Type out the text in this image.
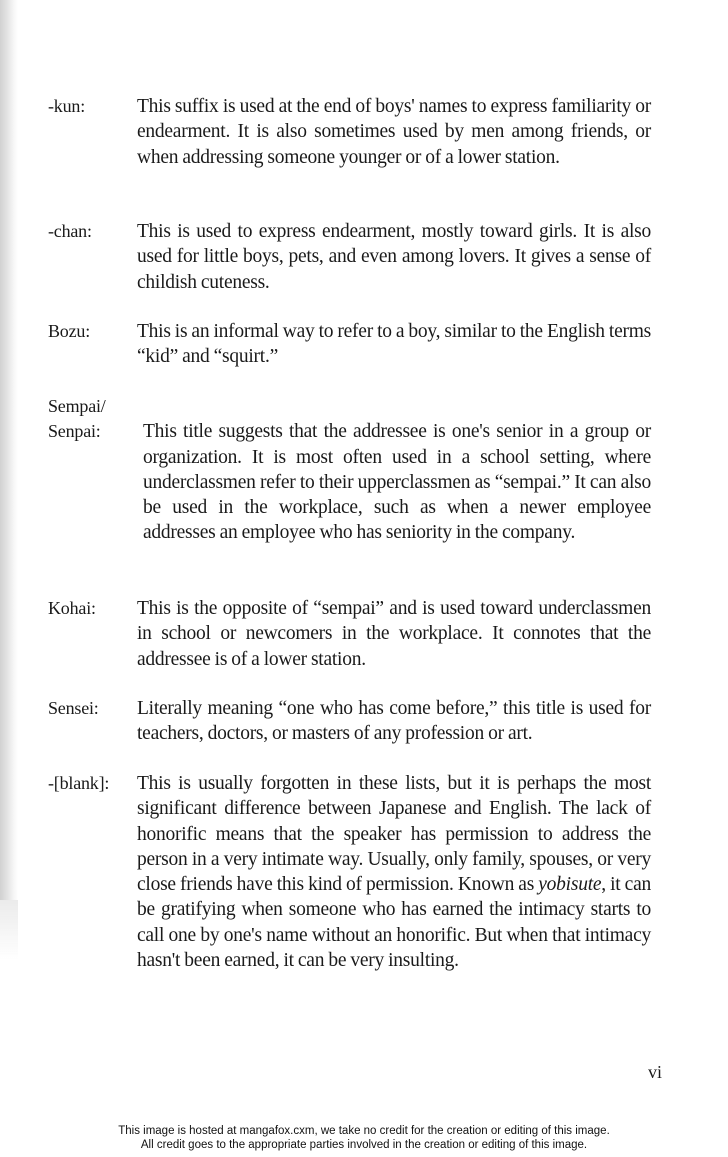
-kun:	This suffix is used at the end of boys' names to express familiarity or endearment. It is also sometimes used by men among friends, or when addressing someone younger or of a lower station.
-chan: This is used to express endearment, mostly toward girls. It is also used for little boys, pets, and even among lovers. It gives a sense of childish cuteness.
Bozu: This is an informal way to refer to a boy, similar to the English terms “kid” and “squirt.”
Sempai/
Senpai: This title suggests that the addressee is one's senior in a group or organization. It is most often used in a school setting, where underclassmen refer to their upperclassmen as “sempai.” It can also be used in the workplace, such as when a newer employee addresses an employee who has seniority in the company.
Kohai: This is the opposite of “sempai” and is used toward underclassmen in school or newcomers in the workplace. It connotes that the addressee is of a lower station.
Sensei: Literally meaning “one who has come before,” this title is used for teachers, doctors, or masters of any profession or art.
-[blank]: This is usually forgotten in these lists, but it is perhaps the most significant difference between Japanese and English. The lack of honorific means that the speaker has permission to address the person in a very intimate way. Usually, only family, spouses, or very close friends have this kind of permission. Known as yobisute, it can be gratifying when someone who has earned the intimacy starts to call one by one's name without an honorific. But when that intimacy hasn't been earned, it can be very insulting.
vi
This image is hosted at mangafox.cxm, we take no credit for the creation or editing of this image.
All credit goes to the appropriate parties involved in the creation or editing of this image.
